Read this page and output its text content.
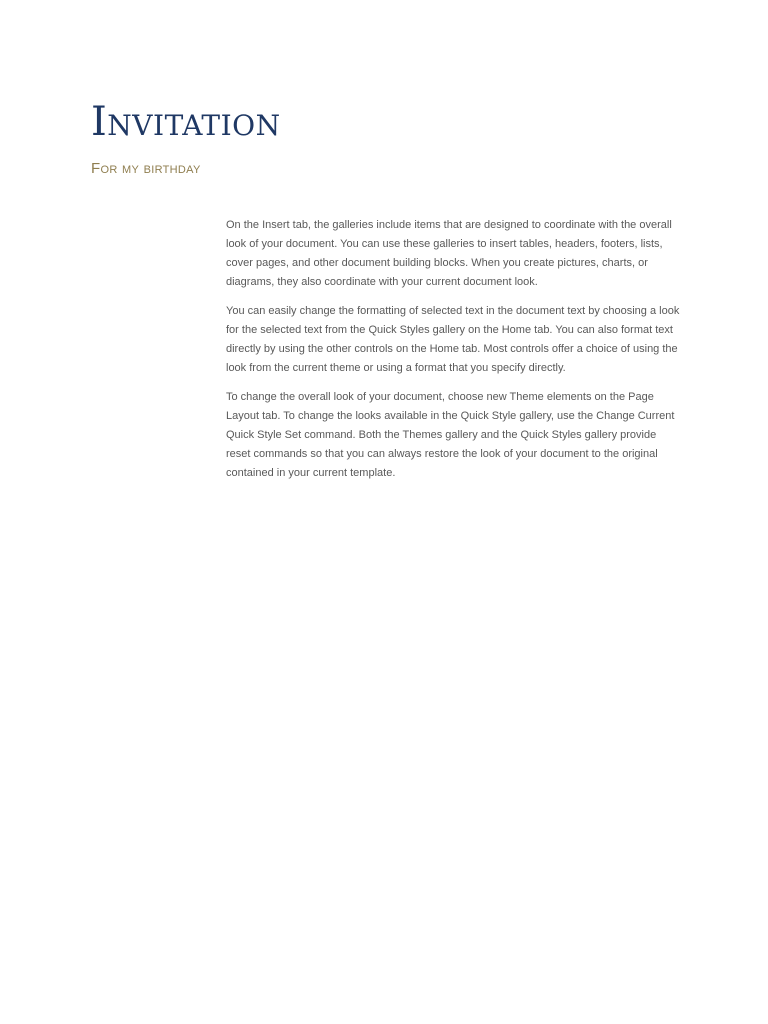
Invitation
For my birthday

On the Insert tab, the galleries include items that are designed to coordinate with the overall look of your document. You can use these galleries to insert tables, headers, footers, lists, cover pages, and other document building blocks. When you create pictures, charts, or diagrams, they also coordinate with your current document look.

You can easily change the formatting of selected text in the document text by choosing a look for the selected text from the Quick Styles gallery on the Home tab. You can also format text directly by using the other controls on the Home tab. Most controls offer a choice of using the look from the current theme or using a format that you specify directly.

To change the overall look of your document, choose new Theme elements on the Page Layout tab. To change the looks available in the Quick Style gallery, use the Change Current Quick Style Set command. Both the Themes gallery and the Quick Styles gallery provide reset commands so that you can always restore the look of your document to the original contained in your current template.
